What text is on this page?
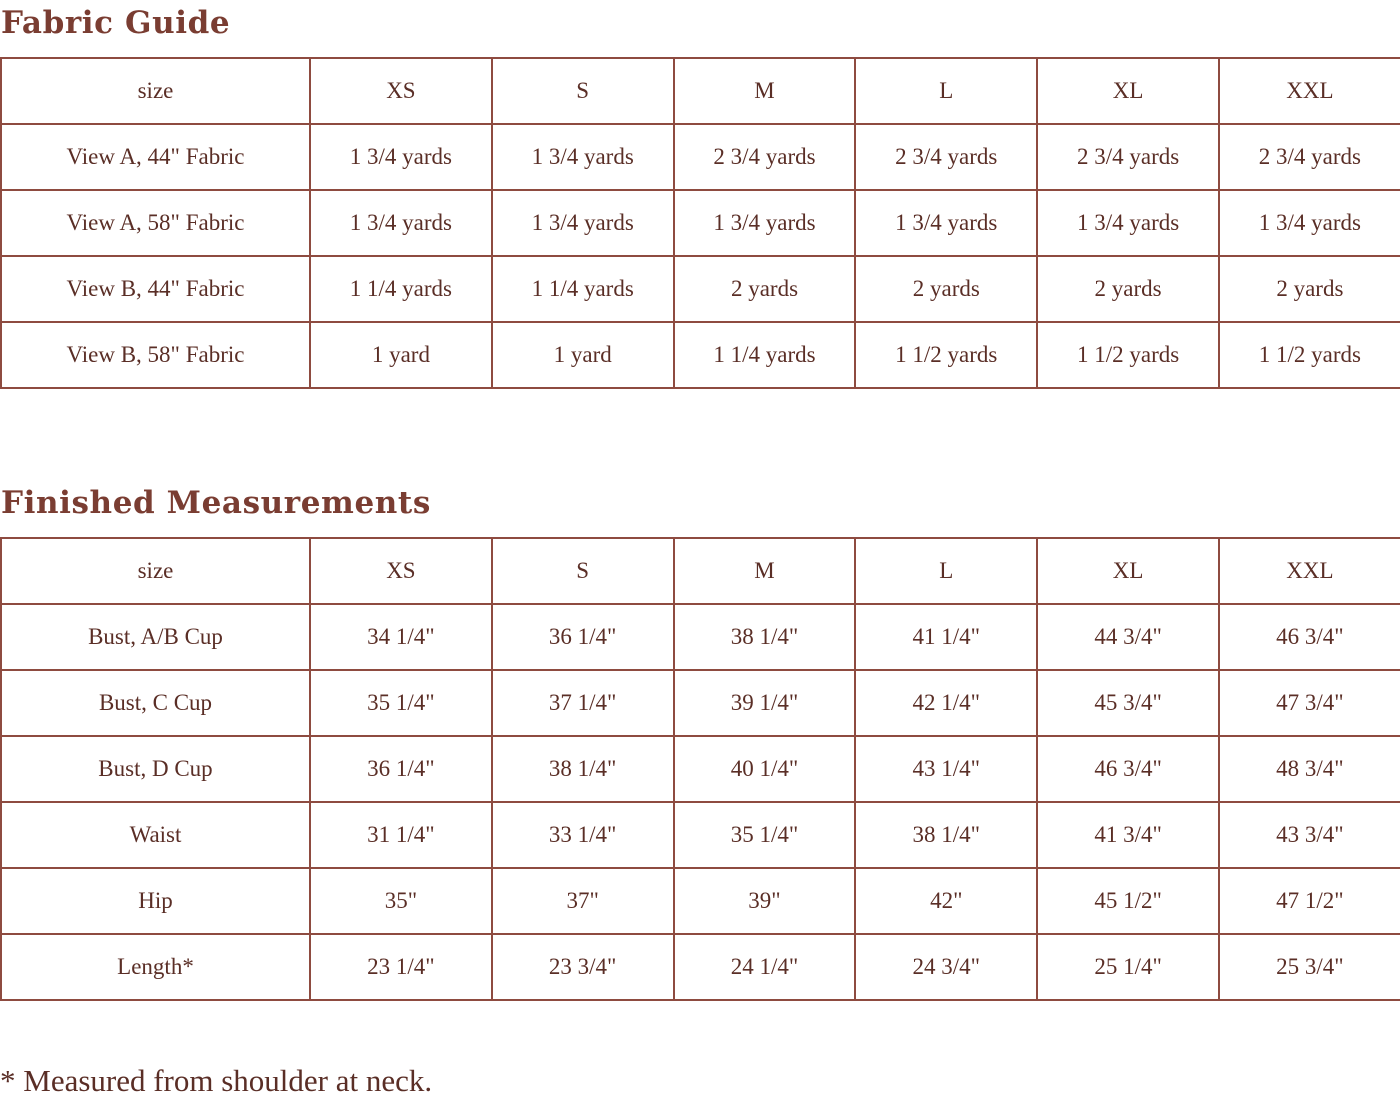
Fabric Guide
size	XS	S	M	L	XL	XXL
View A, 44" Fabric	1 3/4 yards	1 3/4 yards	2 3/4 yards	2 3/4 yards	2 3/4 yards	2 3/4 yards
View A, 58" Fabric	1 3/4 yards	1 3/4 yards	1 3/4 yards	1 3/4 yards	1 3/4 yards	1 3/4 yards
View B, 44" Fabric	1 1/4 yards	1 1/4 yards	2 yards	2 yards	2 yards	2 yards
View B, 58" Fabric	1 yard	1 yard	1 1/4 yards	1 1/2 yards	1 1/2 yards	1 1/2 yards
Finished Measurements
size	XS	S	M	L	XL	XXL
Bust, A/B Cup	34 1/4"	36 1/4"	38 1/4"	41 1/4"	44 3/4"	46 3/4"
Bust, C Cup	35 1/4"	37 1/4"	39 1/4"	42 1/4"	45 3/4"	47 3/4"
Bust, D Cup	36 1/4"	38 1/4"	40 1/4"	43 1/4"	46 3/4"	48 3/4"
Waist	31 1/4"	33 1/4"	35 1/4"	38 1/4"	41 3/4"	43 3/4"
Hip	35"	37"	39"	42"	45 1/2"	47 1/2"
Length*	23 1/4"	23 3/4"	24 1/4"	24 3/4"	25 1/4"	25 3/4"

* Measured from shoulder at neck.
